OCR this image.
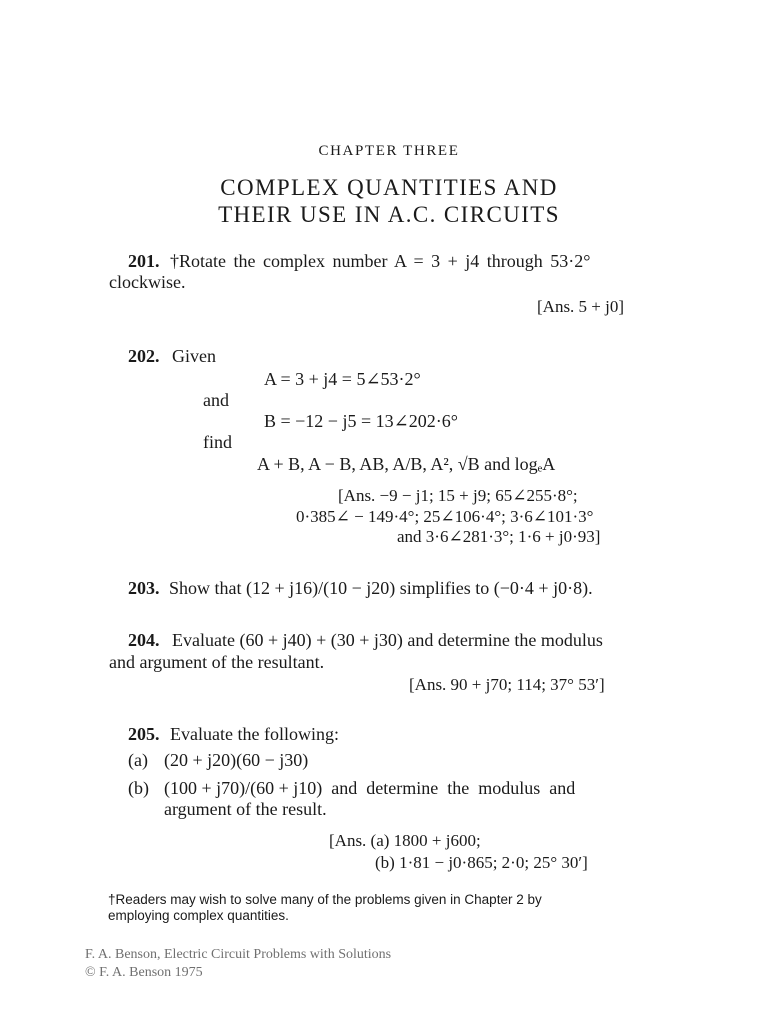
CHAPTER THREE
COMPLEX QUANTITIES AND
THEIR USE IN A.C. CIRCUITS
201. †Rotate the complex number A = 3 + j4 through 53·2°
clockwise.
[Ans. 5 + j0]
202. Given
A = 3 + j4 = 5∠53·2°
and
B = −12 − j5 = 13∠202·6°
find
A + B, A − B, AB, A/B, A², √B and logₑA
[Ans. −9 − j1; 15 + j9; 65∠255·8°;
0·385∠ − 149·4°; 25∠106·4°; 3·6∠101·3°
and 3·6∠281·3°; 1·6 + j0·93]
203. Show that (12 + j16)/(10 − j20) simplifies to (−0·4 + j0·8).
204. Evaluate (60 + j40) + (30 + j30) and determine the modulus
and argument of the resultant.
[Ans. 90 + j70; 114; 37° 53′]
205. Evaluate the following:
(a) (20 + j20)(60 − j30)
(b) (100 + j70)/(60 + j10)  and  determine  the  modulus  and
argument of the result.
[Ans. (a) 1800 + j600;
(b) 1·81 − j0·865; 2·0; 25° 30′]
†Readers may wish to solve many of the problems given in Chapter 2 by
employing complex quantities.
F. A. Benson, Electric Circuit Problems with Solutions
© F. A. Benson 1975
